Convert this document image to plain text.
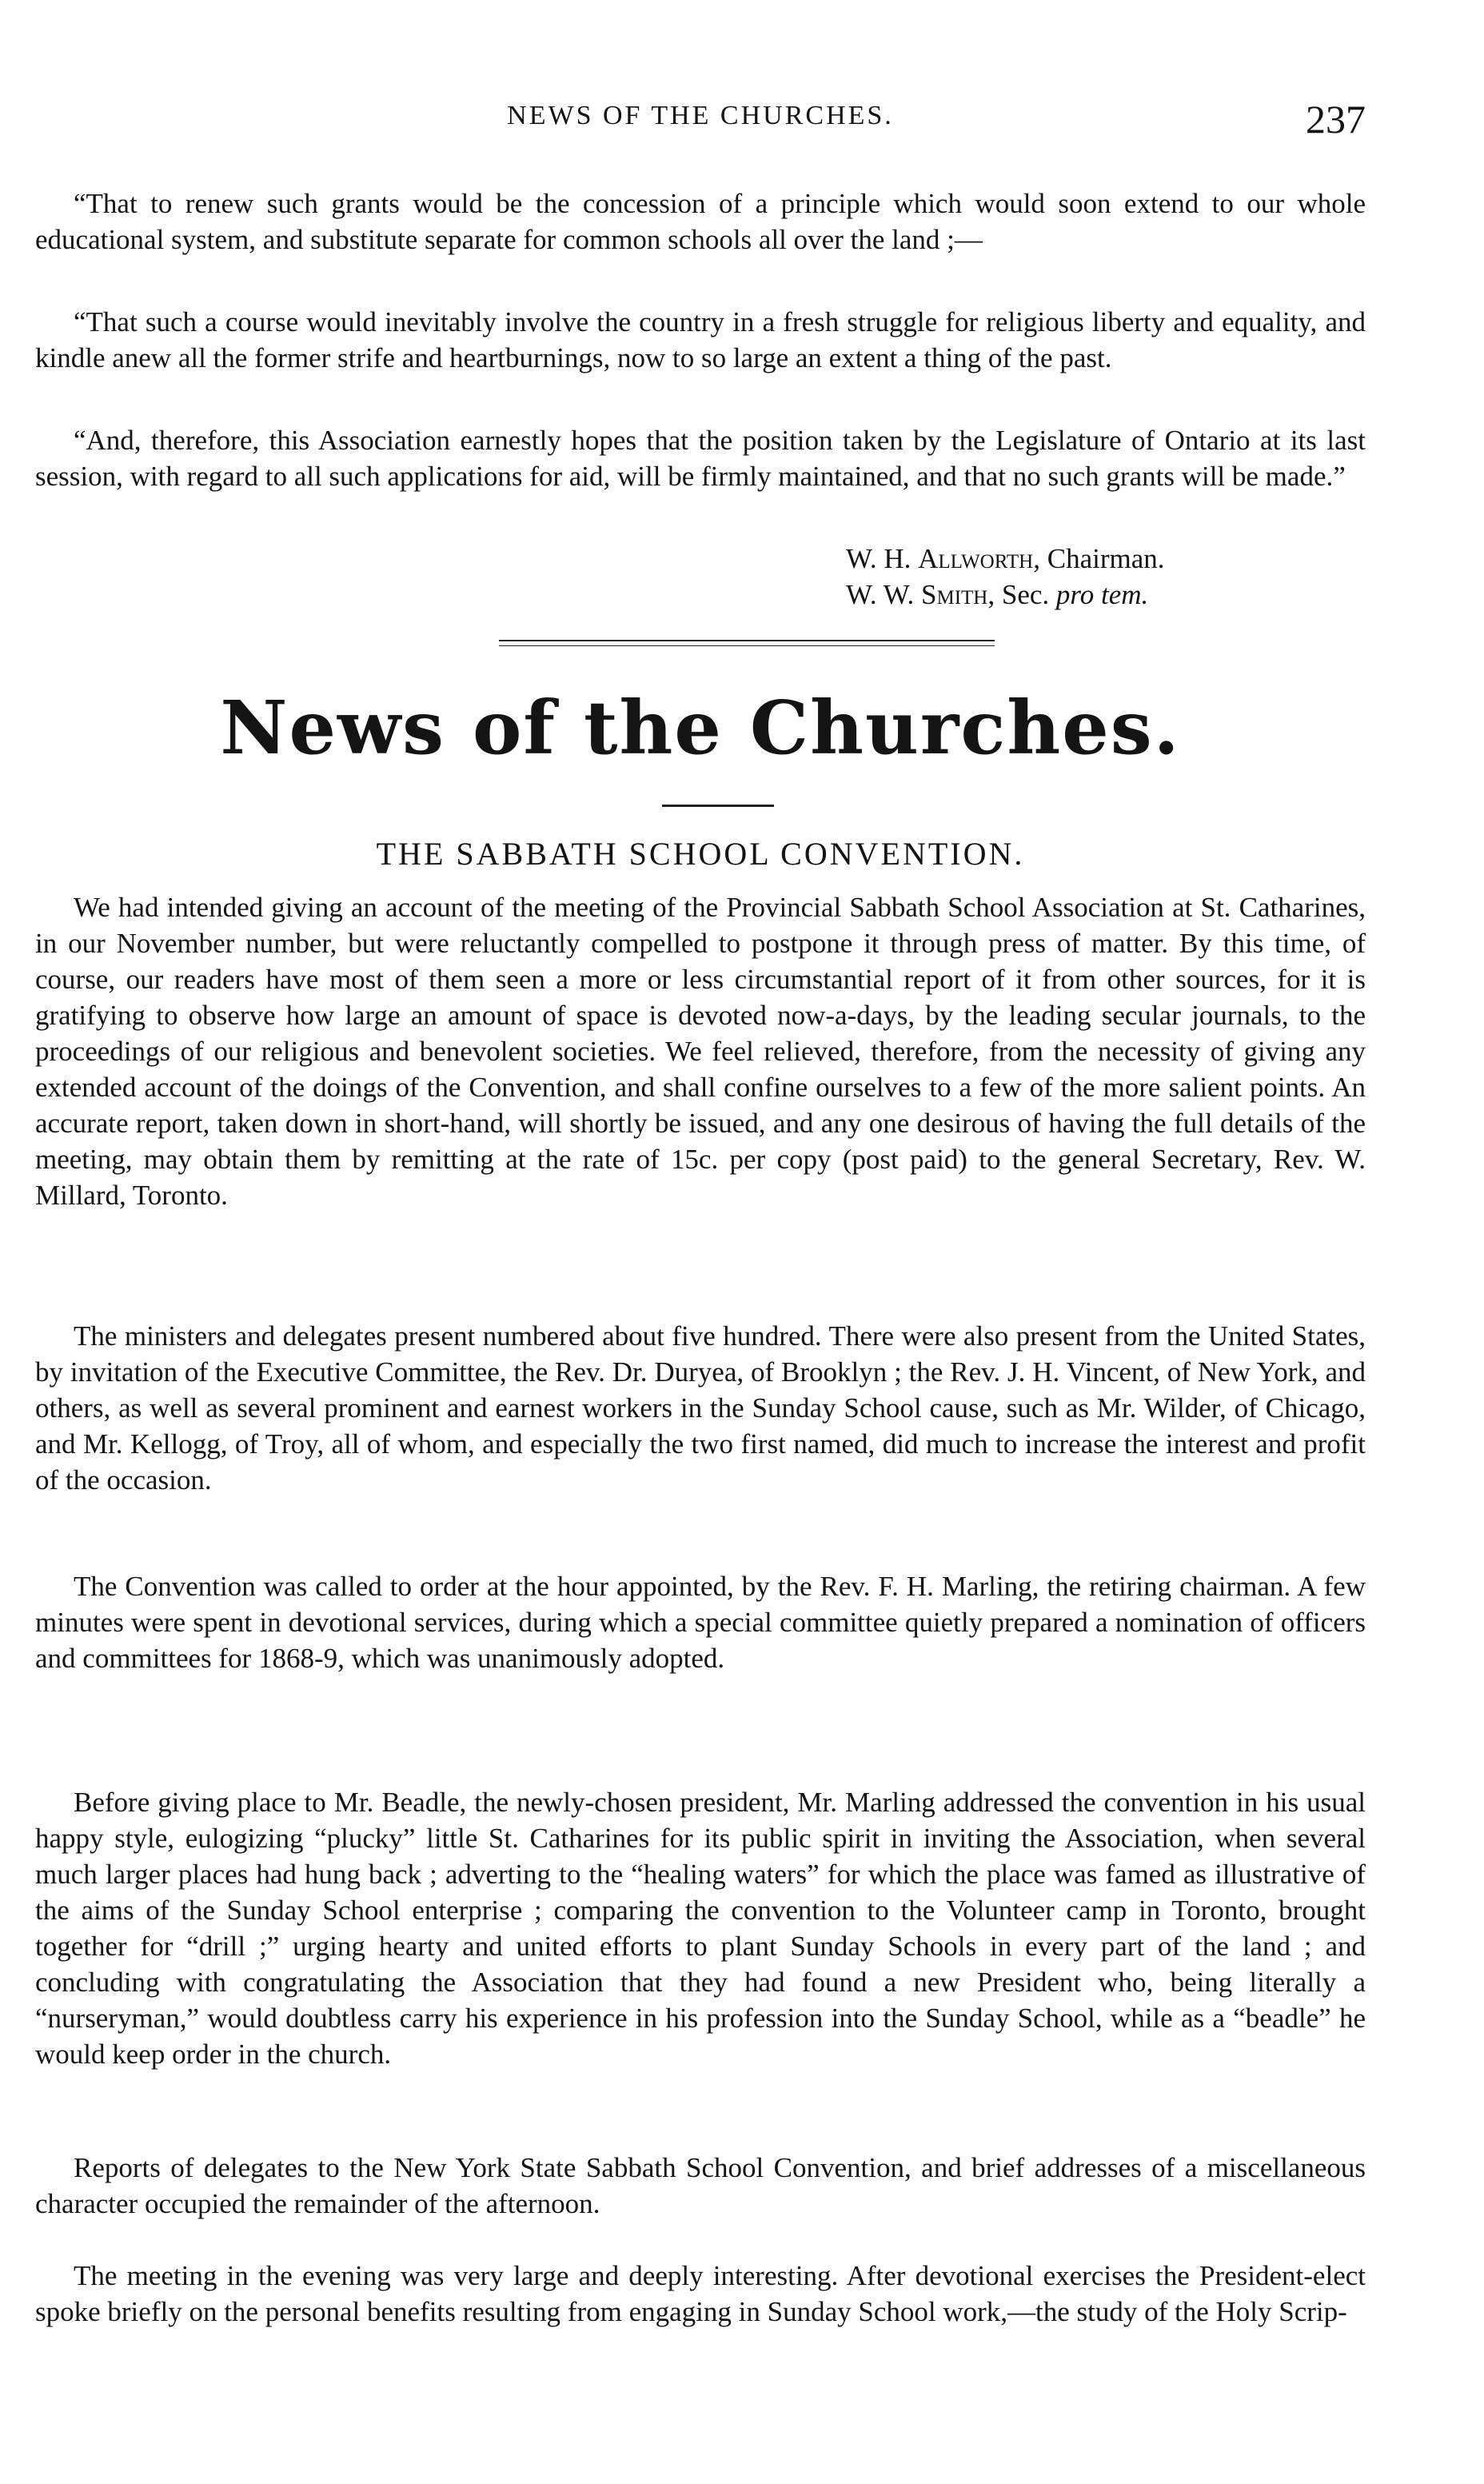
NEWS OF THE CHURCHES.	237

“That to renew such grants would be the concession of a principle which would soon extend to our whole educational system, and substitute separate for common schools all over the land ;—

“That such a course would inevitably involve the country in a fresh struggle for religious liberty and equality, and kindle anew all the former strife and heartburnings, now to so large an extent a thing of the past.

“And, therefore, this Association earnestly hopes that the position taken by the Legislature of Ontario at its last session, with regard to all such applications for aid, will be firmly maintained, and that no such grants will be made.”

W. H. Allworth, Chairman.
W. W. Smith, Sec. pro tem.
News of the Churches.
THE SABBATH SCHOOL CONVENTION.

We had intended giving an account of the meeting of the Provincial Sabbath School Association at St. Catharines, in our November number, but were reluctantly compelled to postpone it through press of matter. By this time, of course, our readers have most of them seen a more or less circumstantial report of it from other sources, for it is gratifying to observe how large an amount of space is devoted now-a-days, by the leading secular journals, to the proceedings of our religious and benevolent societies. We feel relieved, therefore, from the necessity of giving any extended account of the doings of the Convention, and shall confine ourselves to a few of the more salient points. An accurate report, taken down in short-hand, will shortly be issued, and any one desirous of having the full details of the meeting, may obtain them by remitting at the rate of 15c. per copy (post paid) to the general Secretary, Rev. W. Millard, Toronto.

The ministers and delegates present numbered about five hundred. There were also present from the United States, by invitation of the Executive Committee, the Rev. Dr. Duryea, of Brooklyn ; the Rev. J. H. Vincent, of New York, and others, as well as several prominent and earnest workers in the Sunday School cause, such as Mr. Wilder, of Chicago, and Mr. Kellogg, of Troy, all of whom, and especially the two first named, did much to increase the interest and profit of the occasion.

The Convention was called to order at the hour appointed, by the Rev. F. H. Marling, the retiring chairman. A few minutes were spent in devotional services, during which a special committee quietly prepared a nomination of officers and committees for 1868-9, which was unanimously adopted.

Before giving place to Mr. Beadle, the newly-chosen president, Mr. Marling addressed the convention in his usual happy style, eulogizing “plucky” little St. Catharines for its public spirit in inviting the Association, when several much larger places had hung back ; adverting to the “healing waters” for which the place was famed as illustrative of the aims of the Sunday School enterprise ; comparing the convention to the Volunteer camp in Toronto, brought together for “drill ;” urging hearty and united efforts to plant Sunday Schools in every part of the land ; and concluding with congratulating the Association that they had found a new President who, being literally a “nurseryman,” would doubtless carry his experience in his profession into the Sunday School, while as a “beadle” he would keep order in the church.

Reports of delegates to the New York State Sabbath School Convention, and brief addresses of a miscellaneous character occupied the remainder of the afternoon.

The meeting in the evening was very large and deeply interesting. After devotional exercises the President-elect spoke briefly on the personal benefits resulting from engaging in Sunday School work,—the study of the Holy Scrip-
